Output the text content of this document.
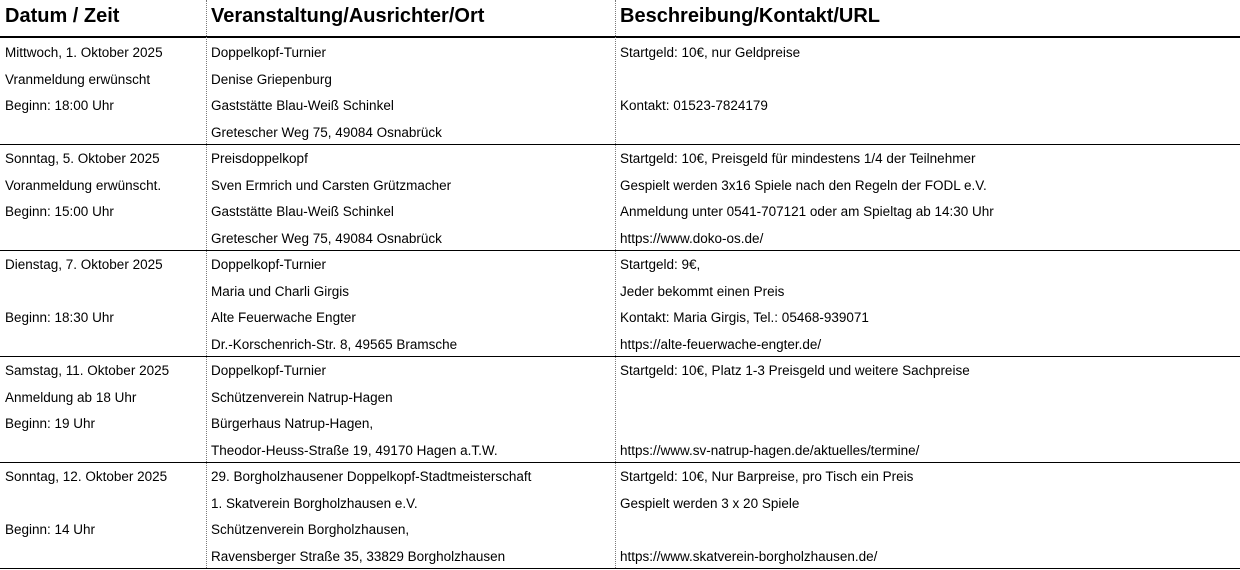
Datum / Zeit	Veranstaltung/Ausrichter/Ort	Beschreibung/Kontakt/URL
Mittwoch, 1. Oktober 2025
Vranmeldung erwünscht
Beginn: 18:00 Uhr
Doppelkopf-Turnier
Denise Griepenburg
Gaststätte Blau-Weiß Schinkel
Gretescher Weg 75, 49084 Osnabrück
Startgeld: 10€, nur Geldpreise
Kontakt: 01523-7824179
Sonntag, 5. Oktober 2025
Voranmeldung erwünscht.
Beginn: 15:00 Uhr
Preisdoppelkopf
Sven Ermrich und Carsten Grützmacher
Gaststätte Blau-Weiß Schinkel
Gretescher Weg 75, 49084 Osnabrück
Startgeld: 10€, Preisgeld für mindestens 1/4 der Teilnehmer
Gespielt werden 3x16 Spiele nach den Regeln der FODL e.V.
Anmeldung unter 0541-707121 oder am Spieltag ab 14:30 Uhr
https://www.doko-os.de/
Dienstag, 7. Oktober 2025
Beginn: 18:30 Uhr
Doppelkopf-Turnier
Maria und Charli Girgis
Alte Feuerwache Engter
Dr.-Korschenrich-Str. 8, 49565 Bramsche
Startgeld: 9€,
Jeder bekommt einen Preis
Kontakt: Maria Girgis, Tel.: 05468-939071
https://alte-feuerwache-engter.de/
Samstag, 11. Oktober 2025
Anmeldung ab 18 Uhr
Beginn: 19 Uhr
Doppelkopf-Turnier
Schützenverein Natrup-Hagen
Bürgerhaus Natrup-Hagen,
Theodor-Heuss-Straße 19, 49170 Hagen a.T.W.
Startgeld: 10€, Platz 1-3 Preisgeld und weitere Sachpreise
https://www.sv-natrup-hagen.de/aktuelles/termine/
Sonntag, 12. Oktober 2025
Beginn: 14 Uhr
29. Borgholzhausener Doppelkopf-Stadtmeisterschaft
1. Skatverein Borgholzhausen e.V.
Schützenverein Borgholzhausen,
Ravensberger Straße 35, 33829 Borgholzhausen
Startgeld: 10€, Nur Barpreise, pro Tisch ein Preis
Gespielt werden 3 x 20 Spiele
https://www.skatverein-borgholzhausen.de/
